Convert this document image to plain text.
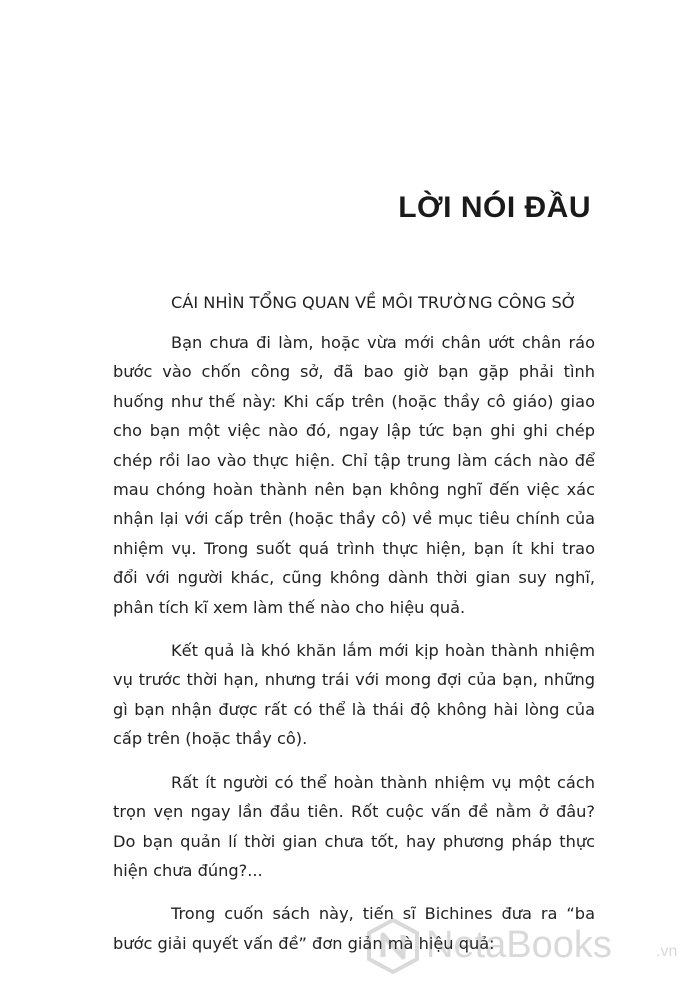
LỜI NÓI ĐẦU
CÁI NHÌN TỔNG QUAN VỀ MÔI TRƯỜNG CÔNG SỞ

Bạn chưa đi làm, hoặc vừa mới chân ướt chân ráo bước vào chốn công sở, đã bao giờ bạn gặp phải tình huống như thế này: Khi cấp trên (hoặc thầy cô giáo) giao cho bạn một việc nào đó, ngay lập tức bạn ghi ghi chép chép rồi lao vào thực hiện. Chỉ tập trung làm cách nào để mau chóng hoàn thành nên bạn không nghĩ đến việc xác nhận lại với cấp trên (hoặc thầy cô) về mục tiêu chính của nhiệm vụ. Trong suốt quá trình thực hiện, bạn ít khi trao đổi với người khác, cũng không dành thời gian suy nghĩ, phân tích kĩ xem làm thế nào cho hiệu quả.

Kết quả là khó khăn lắm mới kịp hoàn thành nhiệm vụ trước thời hạn, nhưng trái với mong đợi của bạn, những gì bạn nhận được rất có thể là thái độ không hài lòng của cấp trên (hoặc thầy cô).

Rất ít người có thể hoàn thành nhiệm vụ một cách trọn vẹn ngay lần đầu tiên. Rốt cuộc vấn đề nằm ở đâu? Do bạn quản lí thời gian chưa tốt, hay phương pháp thực hiện chưa đúng?...

Trong cuốn sách này, tiến sĩ Bichines đưa ra “ba bước giải quyết vấn đề” đơn giản mà hiệu quả:

NetaBooks	.vn
